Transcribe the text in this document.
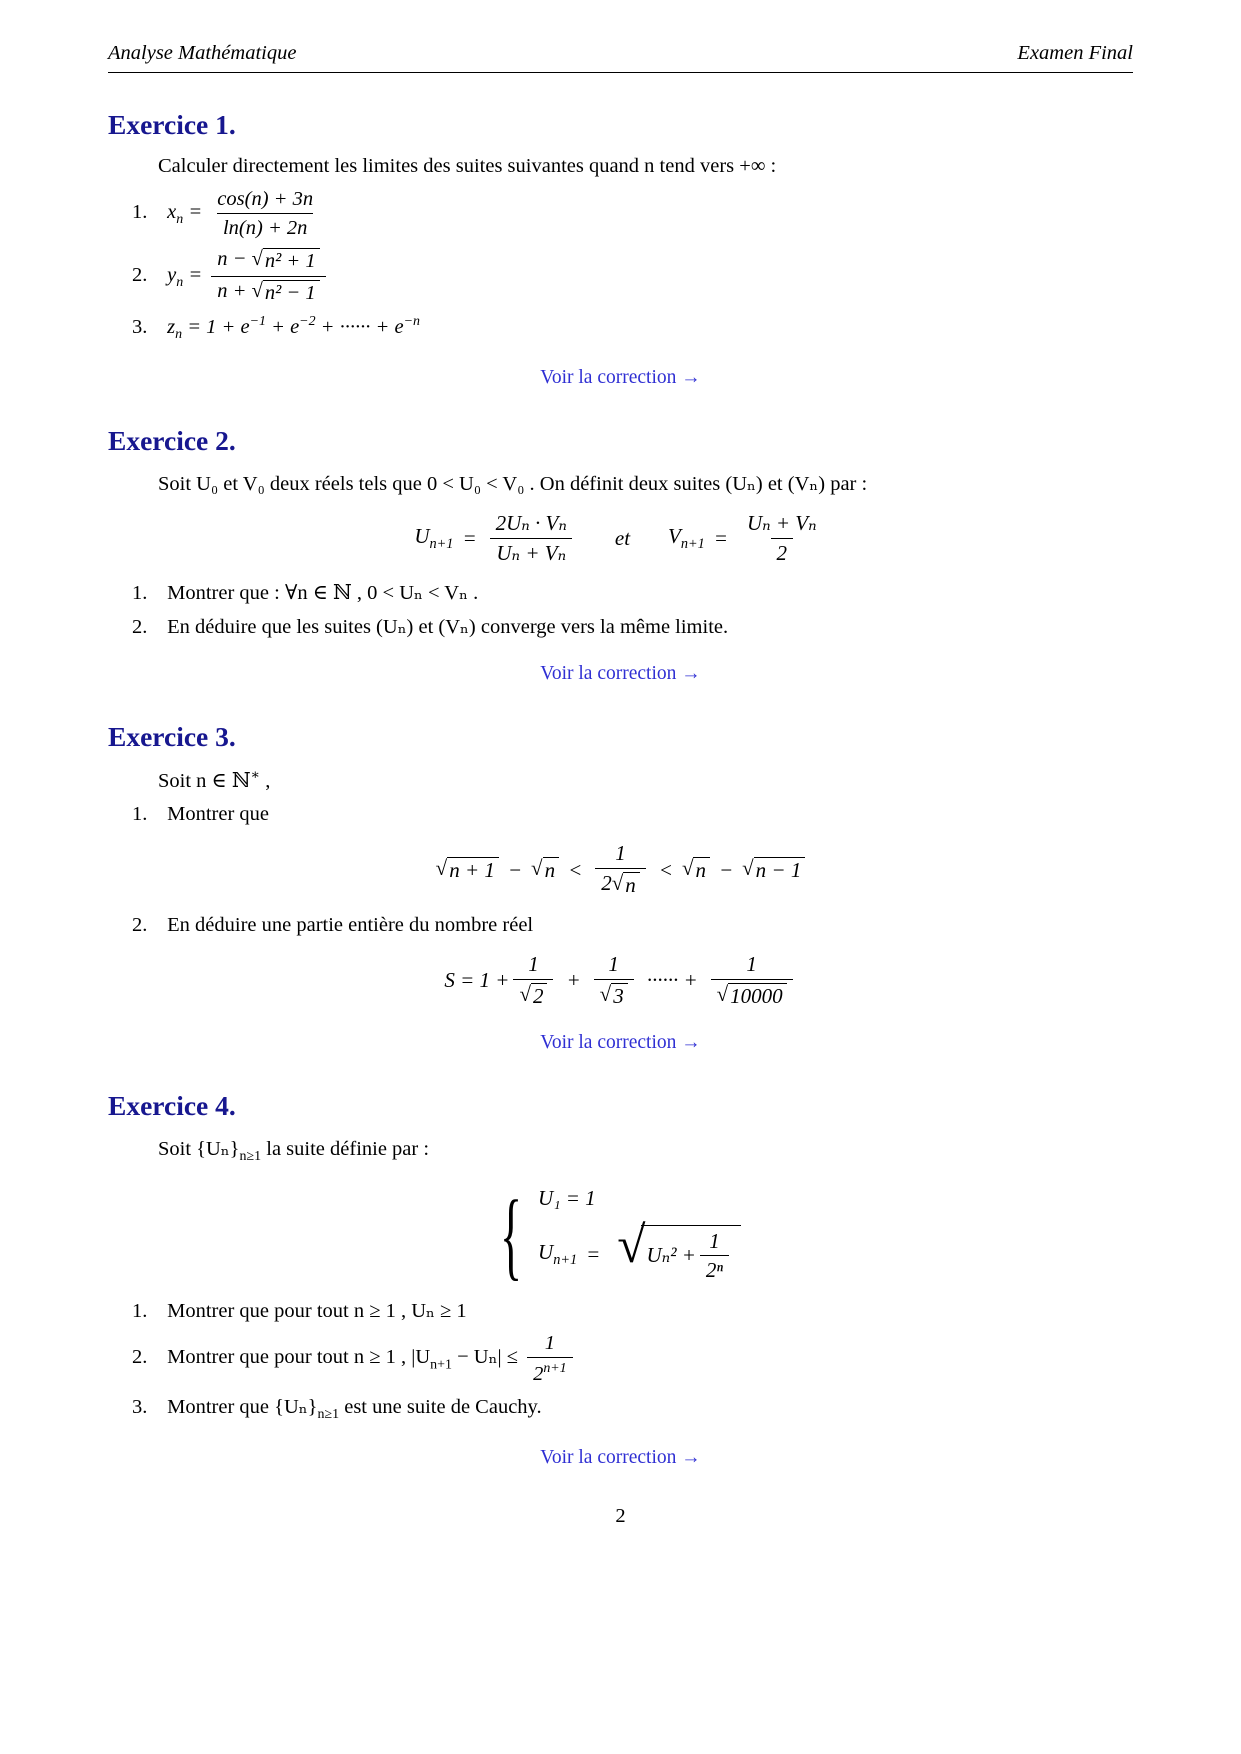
Analyse Mathématique	Examen Final
Exercice 1.

Calculer directement les limites des suites suivantes quand n tend vers +∞ :

1. $x_n = \frac{\cos(n) + 3n}{\ln(n) + 2n}$
2. $y_n = \frac{\text{n − √ n² + 1}}{\text{n + √ n² − 1}}$
3. $z_n = 1 + e^{-1} + e^{-2}$ + ······ + $e^{-n}$
Voir la correction →
Exercice 2.

Soit U₀ et V₀ deux réels tels que 0 < U₀ < V₀ . On définit deux suites (Uₙ) et (Vₙ) par :

$U_{n+1} = \frac{\text{2Uₙ · Vₙ}}{\text{Uₙ + Vₙ}}$ et $V_{n+1} = \frac{\text{Uₙ + Vₙ}}{2}$
1. Montrer que : ∀n ∈ ℕ , 0 < Uₙ < Vₙ .
2. En déduire que les suites (Uₙ) et (Vₙ) converge vers la même limite.
Voir la correction →
Exercice 3.

Soit n ∈ ℕ∗ ,

1. Montrer que
√ n + 1 − √ $n < \frac{1}{2 √ n}$ < √ n − √ n − 1
2. En déduire une partie entière du nombre réel
S = 1 + 1
√ 2 + 1
√ 3 ······ + 1
√ 10000
Voir la correction →
Exercice 4.

Soit $\{U_n\}_{n\ge 1}$ la suite définie par :

{ U₁ = 1
$U_{n+1}$ = √ $U_n^2 + \frac{1}{\text{2ⁿ}}$
1. Montrer que pour tout n ≥ 1 , Uₙ ≥ 1
2. Montrer que pour tout n ≥ 1 , $|U_{n+1} - U_n| \le \frac{1}{2^{n+1}}$
3. Montrer que $\{U_n\}_{n\ge 1}$ est une suite de Cauchy.
Voir la correction →
2
